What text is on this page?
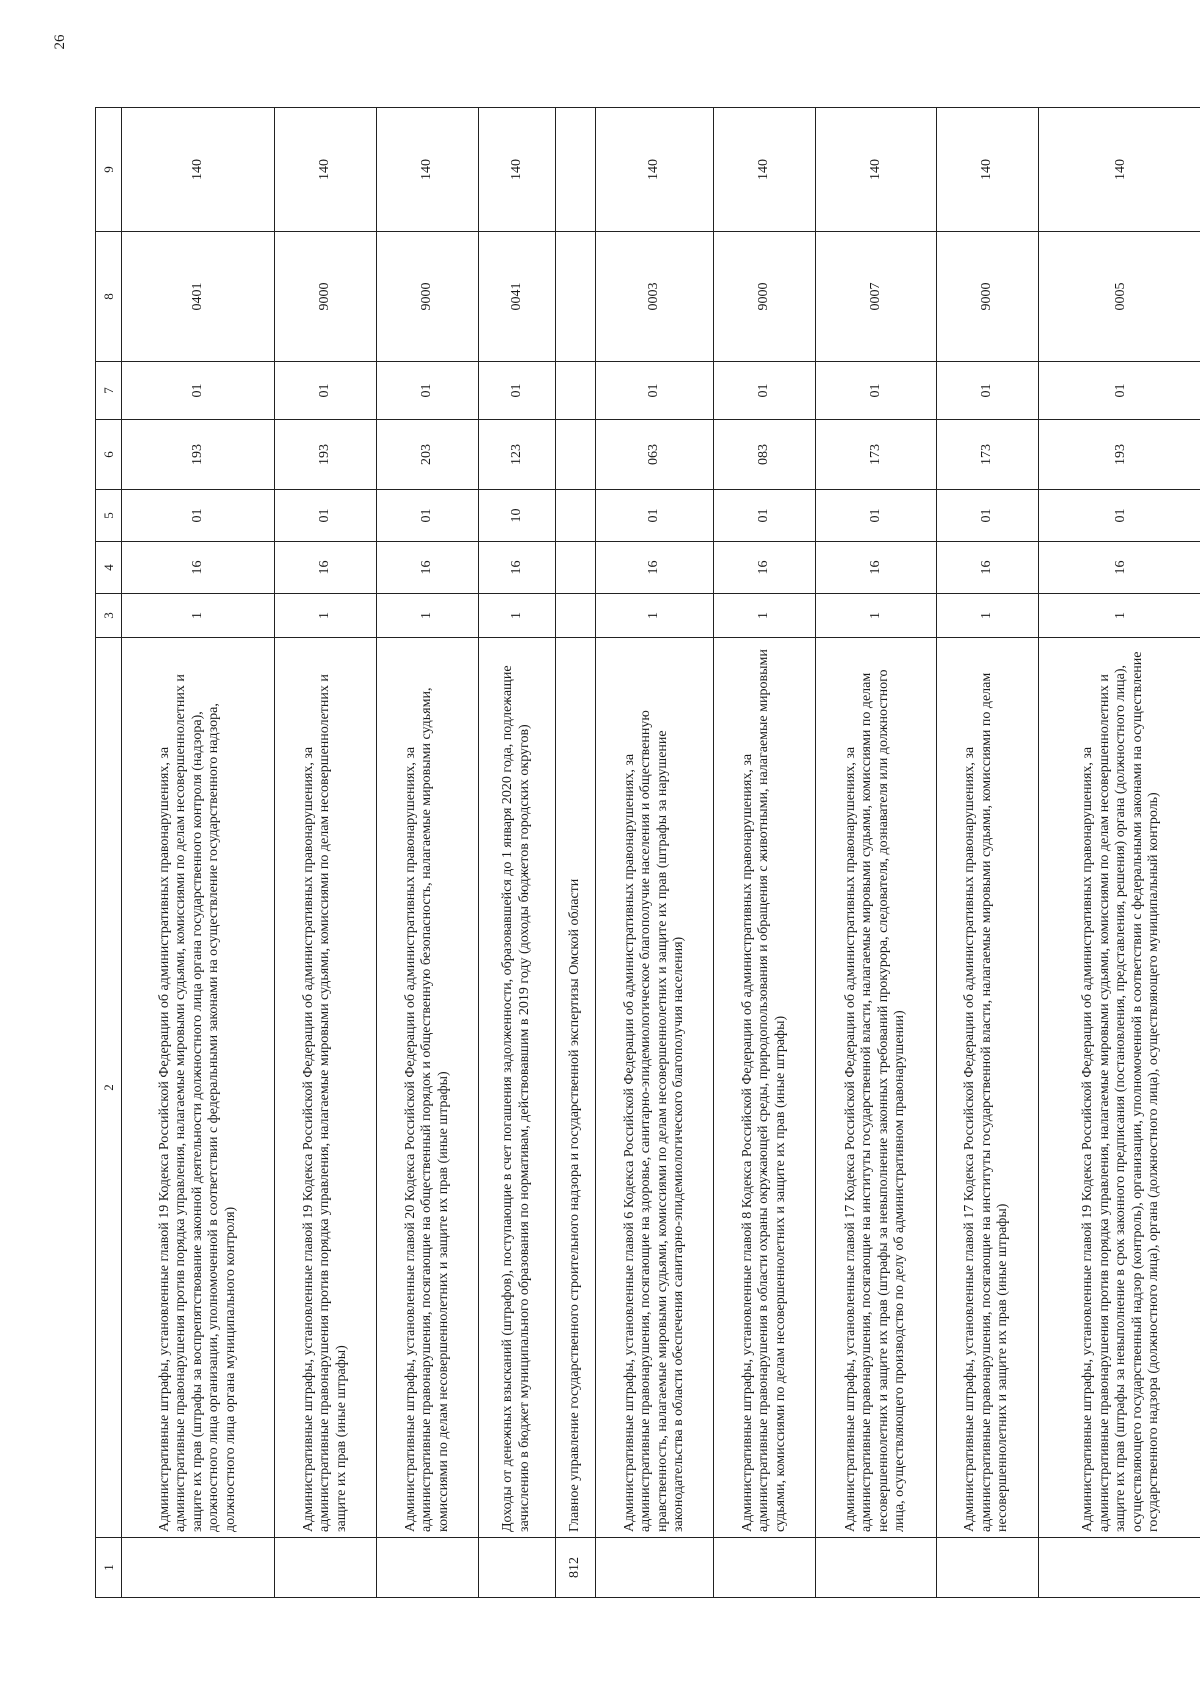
26
1	2	3	4	5	6	7	8	9
	Административные штрафы, установленные главой 19 Кодекса Российской Федерации об административных правонарушениях, за административные правонарушения против порядка управления, налагаемые мировыми судьями, комиссиями по делам несовершеннолетних и защите их прав (штрафы за воспрепятствование законной деятельности должностного лица органа государственного контроля (надзора), должностного лица организации, уполномоченной в соответствии с федеральными законами на осуществление государственного надзора, должностного лица органа муниципального контроля)	1	16	01	193	01	0401	140
	Административные штрафы, установленные главой 19 Кодекса Российской Федерации об административных правонарушениях, за административные правонарушения против порядка управления, налагаемые мировыми судьями, комиссиями по делам несовершеннолетних и защите их прав (иные штрафы)	1	16	01	193	01	9000	140
	Административные штрафы, установленные главой 20 Кодекса Российской Федерации об административных правонарушениях, за административные правонарушения, посягающие на общественный порядок и общественную безопасность, налагаемые мировыми судьями, комиссиями по делам несовершеннолетних и защите их прав (иные штрафы)	1	16	01	203	01	9000	140
	Доходы от денежных взысканий (штрафов), поступающие в счет погашения задолженности, образовавшейся до 1 января 2020 года, подлежащие зачислению в бюджет муниципального образования по нормативам, действовавшим в 2019 году (доходы бюджетов городских округов)	1	16	10	123	01	0041	140
812	Главное управление государственного строительного надзора и государственной экспертизы Омской области							
	Административные штрафы, установленные главой 6 Кодекса Российской Федерации об административных правонарушениях, за административные правонарушения, посягающие на здоровье, санитарно-эпидемиологическое благополучие населения и общественную нравственность, налагаемые мировыми судьями, комиссиями по делам несовершеннолетних и защите их прав (штрафы за нарушение законодательства в области обеспечения санитарно-эпидемиологического благополучия населения)	1	16	01	063	01	0003	140
	Административные штрафы, установленные главой 8 Кодекса Российской Федерации об административных правонарушениях, за административные правонарушения в области охраны окружающей среды, природопользования и обращения с животными, налагаемые мировыми судьями, комиссиями по делам несовершеннолетних и защите их прав (иные штрафы)	1	16	01	083	01	9000	140
	Административные штрафы, установленные главой 17 Кодекса Российской Федерации об административных правонарушениях, за административные правонарушения, посягающие на институты государственной власти, налагаемые мировыми судьями, комиссиями по делам несовершеннолетних и защите их прав (штрафы за невыполнение законных требований прокурора, следователя, дознавателя или должностного лица, осуществляющего производство по делу об административном правонарушении)	1	16	01	173	01	0007	140
	Административные штрафы, установленные главой 17 Кодекса Российской Федерации об административных правонарушениях, за административные правонарушения, посягающие на институты государственной власти, налагаемые мировыми судьями, комиссиями по делам несовершеннолетних и защите их прав (иные штрафы)	1	16	01	173	01	9000	140
	Административные штрафы, установленные главой 19 Кодекса Российской Федерации об административных правонарушениях, за административные правонарушения против порядка управления, налагаемые мировыми судьями, комиссиями по делам несовершеннолетних и защите их прав (штрафы за невыполнение в срок законного предписания (постановления, представления, решения) органа (должностного лица), осуществляющего государственный надзор (контроль), организации, уполномоченной в соответствии с федеральными законами на осуществление государственного надзора (должностного лица), органа (должностного лица), осуществляющего муниципальный контроль)	1	16	01	193	01	0005	140
